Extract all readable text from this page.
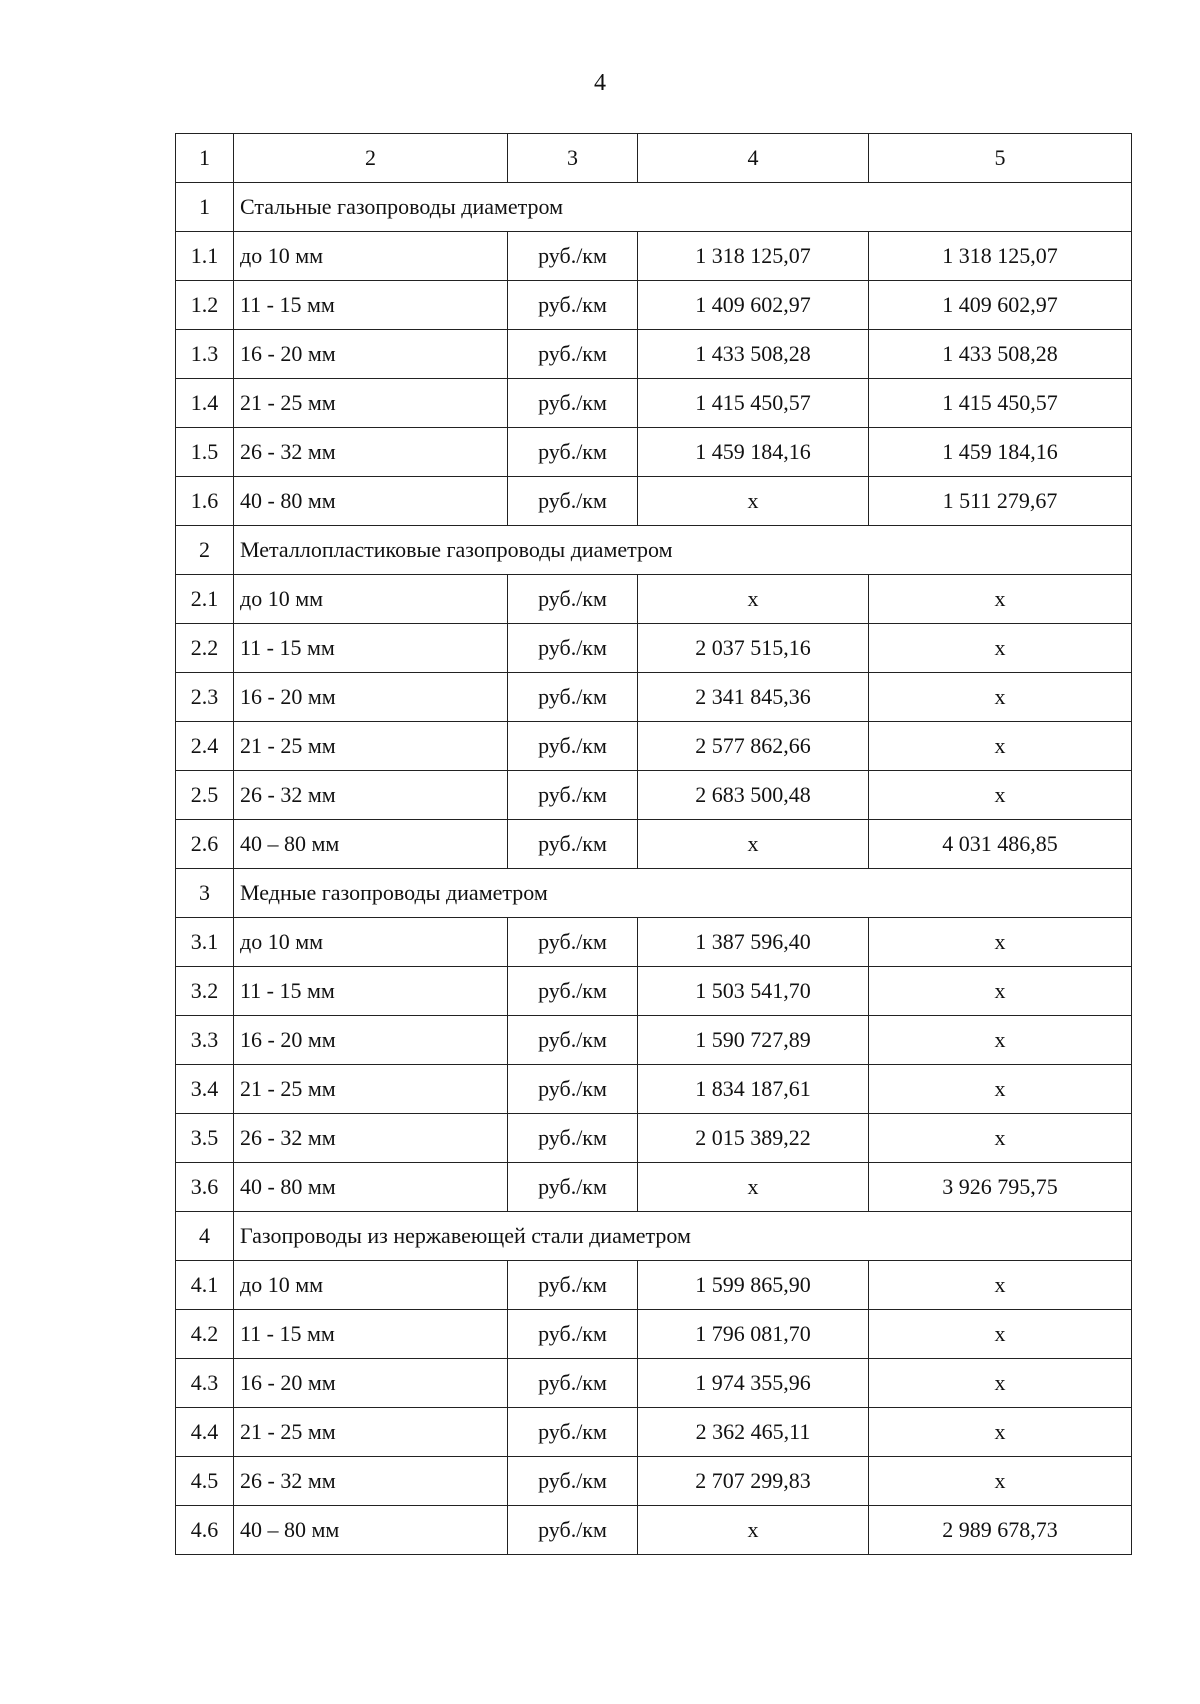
4
1	2	3	4	5
1	Стальные газопроводы диаметром			
1.1	до 10 мм	руб./км	1 318 125,07	1 318 125,07
1.2	11 - 15 мм	руб./км	1 409 602,97	1 409 602,97
1.3	16 - 20 мм	руб./км	1 433 508,28	1 433 508,28
1.4	21 - 25 мм	руб./км	1 415 450,57	1 415 450,57
1.5	26 - 32 мм	руб./км	1 459 184,16	1 459 184,16
1.6	40 - 80 мм	руб./км	x	1 511 279,67
2	Металлопластиковые газопроводы диаметром			
2.1	до 10 мм	руб./км	x	x
2.2	11 - 15 мм	руб./км	2 037 515,16	x
2.3	16 - 20 мм	руб./км	2 341 845,36	x
2.4	21 - 25 мм	руб./км	2 577 862,66	x
2.5	26 - 32 мм	руб./км	2 683 500,48	x
2.6	40 – 80 мм	руб./км	x	4 031 486,85
3	Медные газопроводы диаметром			
3.1	до 10 мм	руб./км	1 387 596,40	x
3.2	11 - 15 мм	руб./км	1 503 541,70	x
3.3	16 - 20 мм	руб./км	1 590 727,89	x
3.4	21 - 25 мм	руб./км	1 834 187,61	x
3.5	26 - 32 мм	руб./км	2 015 389,22	x
3.6	40 - 80 мм	руб./км	x	3 926 795,75
4	Газопроводы из нержавеющей стали диаметром			
4.1	до 10 мм	руб./км	1 599 865,90	x
4.2	11 - 15 мм	руб./км	1 796 081,70	x
4.3	16 - 20 мм	руб./км	1 974 355,96	x
4.4	21 - 25 мм	руб./км	2 362 465,11	x
4.5	26 - 32 мм	руб./км	2 707 299,83	x
4.6	40 – 80 мм	руб./км	x	2 989 678,73
